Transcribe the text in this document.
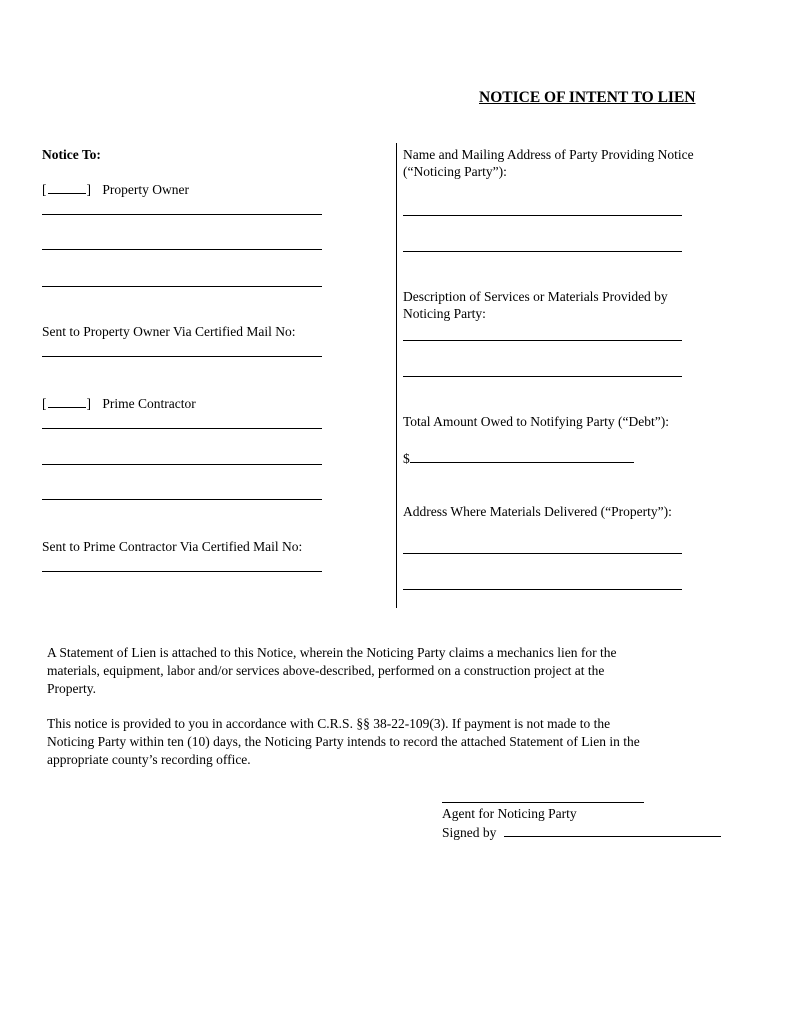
NOTICE OF INTENT TO LIEN
Notice To:
[	] Property Owner
Sent to Property Owner Via Certified Mail No:
[	] Prime Contractor
Sent to Prime Contractor Via Certified Mail No:
Name and Mailing Address of Party Providing Notice
(“Noticing Party”):
Description of Services or Materials Provided by
Noticing Party:
Total Amount Owed to Notifying Party (“Debt”):
$
Address Where Materials Delivered (“Property”):
A Statement of Lien is attached to this Notice, wherein the Noticing Party claims a mechanics lien for the
materials, equipment, labor and/or services above-described, performed on a construction project at the
Property.
This notice is provided to you in accordance with C.R.S. §§ 38-22-109(3). If payment is not made to the
Noticing Party within ten (10) days, the Noticing Party intends to record the attached Statement of Lien in the
appropriate county’s recording office.
Agent for Noticing Party
Signed by
